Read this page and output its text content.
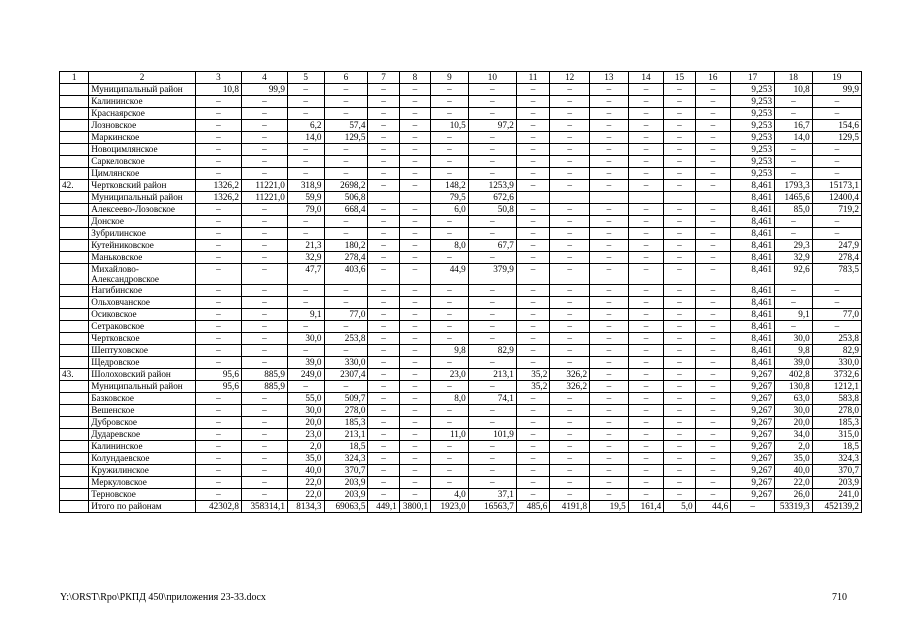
1	2	3	4	5	6	7	8	9	10	11	12	13	14	15	16	17	18	19
	Муниципальный район	10,8	99,9	–	–	–	–	–	–	–	–	–	–	–	–	9,253	10,8	99,9
	Калининское	–	–	–	–	–	–	–	–	–	–	–	–	–	–	9,253	–	–
	Краснаярское	–	–	–	–	–	–	–	–	–	–	–	–	–	–	9,253	–	–
	Лозновское	–	–	6,2	57,4	–	–	10,5	97,2	–	–	–	–	–	–	9,253	16,7	154,6
	Маркинское	–	–	14,0	129,5	–	–	–	–	–	–	–	–	–	–	9,253	14,0	129,5
	Новоцимлянское	–	–	–	–	–	–	–	–	–	–	–	–	–	–	9,253	–	–
	Саркеловское	–	–	–	–	–	–	–	–	–	–	–	–	–	–	9,253	–	–
	Цимлянское	–	–	–	–	–	–	–	–	–	–	–	–	–	–	9,253	–	–
42.	Чертковский район	1326,2	11221,0	318,9	2698,2	–	–	148,2	1253,9	–	–	–	–	–	–	8,461	1793,3	15173,1
	Муниципальный район	1326,2	11221,0	59,9	506,8			79,5	672,6							8,461	1465,6	12400,4
	Алексеево-Лозовское	–	–	79,0	668,4	–	–	6,0	50,8	–	–	–	–	–	–	8,461	85,0	719,2
	Донское	–	–	–	–	–	–	–	–	–	–	–	–	–	–	8,461	–	–
	Зубрилинское	–	–	–	–	–	–	–	–	–	–	–	–	–	–	8,461	–	–
	Кутейниковское	–	–	21,3	180,2	–	–	8,0	67,7	–	–	–	–	–	–	8,461	29,3	247,9
	Маньковское	–	–	32,9	278,4	–	–	–	–	–	–	–	–	–	–	8,461	32,9	278,4
	Михайлово-Александровское	–	–	47,7	403,6	–	–	44,9	379,9	–	–	–	–	–	–	8,461	92,6	783,5
	Нагибинское	–	–	–	–	–	–	–	–	–	–	–	–	–	–	8,461	–	–
	Ольховчанское	–	–	–	–	–	–	–	–	–	–	–	–	–	–	8,461	–	–
	Осиковское	–	–	9,1	77,0	–	–	–	–	–	–	–	–	–	–	8,461	9,1	77,0
	Сетраковское	–	–	–	–	–	–	–	–	–	–	–	–	–	–	8,461	–	–
	Чертковское	–	–	30,0	253,8	–	–	–	–	–	–	–	–	–	–	8,461	30,0	253,8
	Шептуховское	–	–	–	–	–	–	9,8	82,9	–	–	–	–	–	–	8,461	9,8	82,9
	Щедровское	–	–	39,0	330,0	–	–	–	–	–	–	–	–	–	–	8,461	39,0	330,0
43.	Шолоховский район	95,6	885,9	249,0	2307,4	–	–	23,0	213,1	35,2	326,2	–	–	–	–	9,267	402,8	3732,6
	Муниципальный район	95,6	885,9	–	–	–	–	–	–	35,2	326,2	–	–	–	–	9,267	130,8	1212,1
	Базковское	–	–	55,0	509,7	–	–	8,0	74,1	–	–	–	–	–	–	9,267	63,0	583,8
	Вешенское	–	–	30,0	278,0	–	–	–	–	–	–	–	–	–	–	9,267	30,0	278,0
	Дубровское	–	–	20,0	185,3	–	–	–	–	–	–	–	–	–	–	9,267	20,0	185,3
	Дударевское	–	–	23,0	213,1	–	–	11,0	101,9	–	–	–	–	–	–	9,267	34,0	315,0
	Калининское	–	–	2,0	18,5	–	–	–	–	–	–	–	–	–	–	9,267	2,0	18,5
	Колундаевское	–	–	35,0	324,3	–	–	–	–	–	–	–	–	–	–	9,267	35,0	324,3
	Кружилинское	–	–	40,0	370,7	–	–	–	–	–	–	–	–	–	–	9,267	40,0	370,7
	Меркуловское	–	–	22,0	203,9	–	–	–	–	–	–	–	–	–	–	9,267	22,0	203,9
	Терновское	–	–	22,0	203,9	–	–	4,0	37,1	–	–	–	–	–	–	9,267	26,0	241,0
	Итого по районам	42302,8	358314,1	8134,3	69063,5	449,1	3800,1	1923,0	16563,7	485,6	4191,8	19,5	161,4	5,0	44,6	–	53319,3	452139,2
Y:\ORST\Rpo\РКПД 450\приложения 23-33.docx	710
